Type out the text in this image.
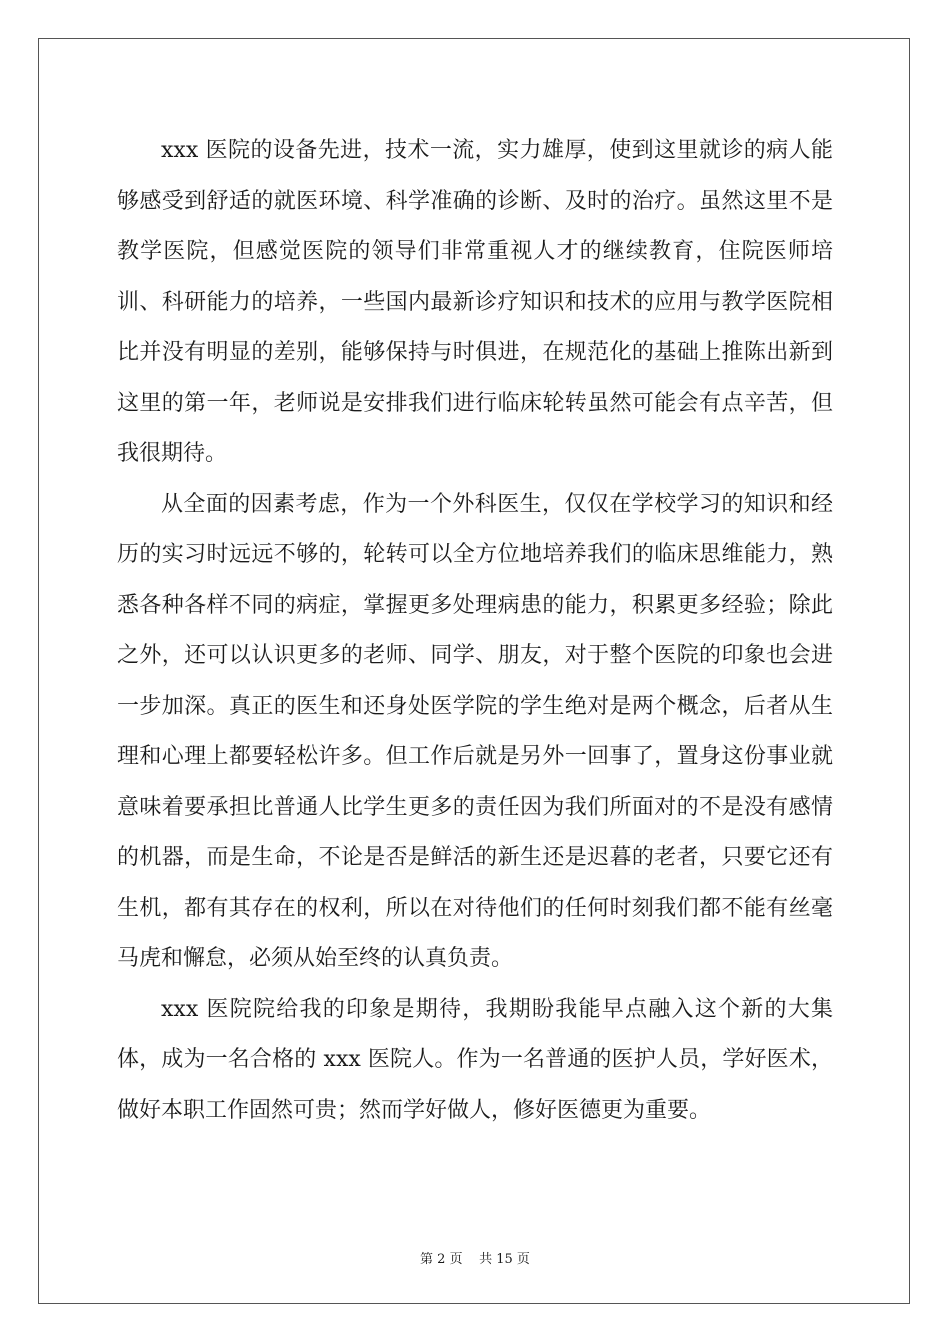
xxx 医院的设备先进，技术一流，实力雄厚，使到这里就诊的病人能够感受到舒适的就医环境、科学准确的诊断、及时的治疗。虽然这里不是教学医院，但感觉医院的领导们非常重视人才的继续教育，住院医师培训、科研能力的培养，一些国内最新诊疗知识和技术的应用与教学医院相比并没有明显的差别，能够保持与时俱进，在规范化的基础上推陈出新到这里的第一年，老师说是安排我们进行临床轮转虽然可能会有点辛苦，但我很期待。

从全面的因素考虑，作为一个外科医生，仅仅在学校学习的知识和经历的实习时远远不够的，轮转可以全方位地培养我们的临床思维能力，熟悉各种各样不同的病症，掌握更多处理病患的能力，积累更多经验；除此之外，还可以认识更多的老师、同学、朋友，对于整个医院的印象也会进一步加深。真正的医生和还身处医学院的学生绝对是两个概念，后者从生理和心理上都要轻松许多。但工作后就是另外一回事了，置身这份事业就意味着要承担比普通人比学生更多的责任因为我们所面对的不是没有感情的机器，而是生命，不论是否是鲜活的新生还是迟暮的老者，只要它还有生机，都有其存在的权利，所以在对待他们的任何时刻我们都不能有丝毫马虎和懈怠，必须从始至终的认真负责。

xxx 医院院给我的印象是期待，我期盼我能早点融入这个新的大集体，成为一名合格的 xxx 医院人。作为一名普通的医护人员，学好医术，做好本职工作固然可贵；然而学好做人，修好医德更为重要。

第 2 页 共 15 页
